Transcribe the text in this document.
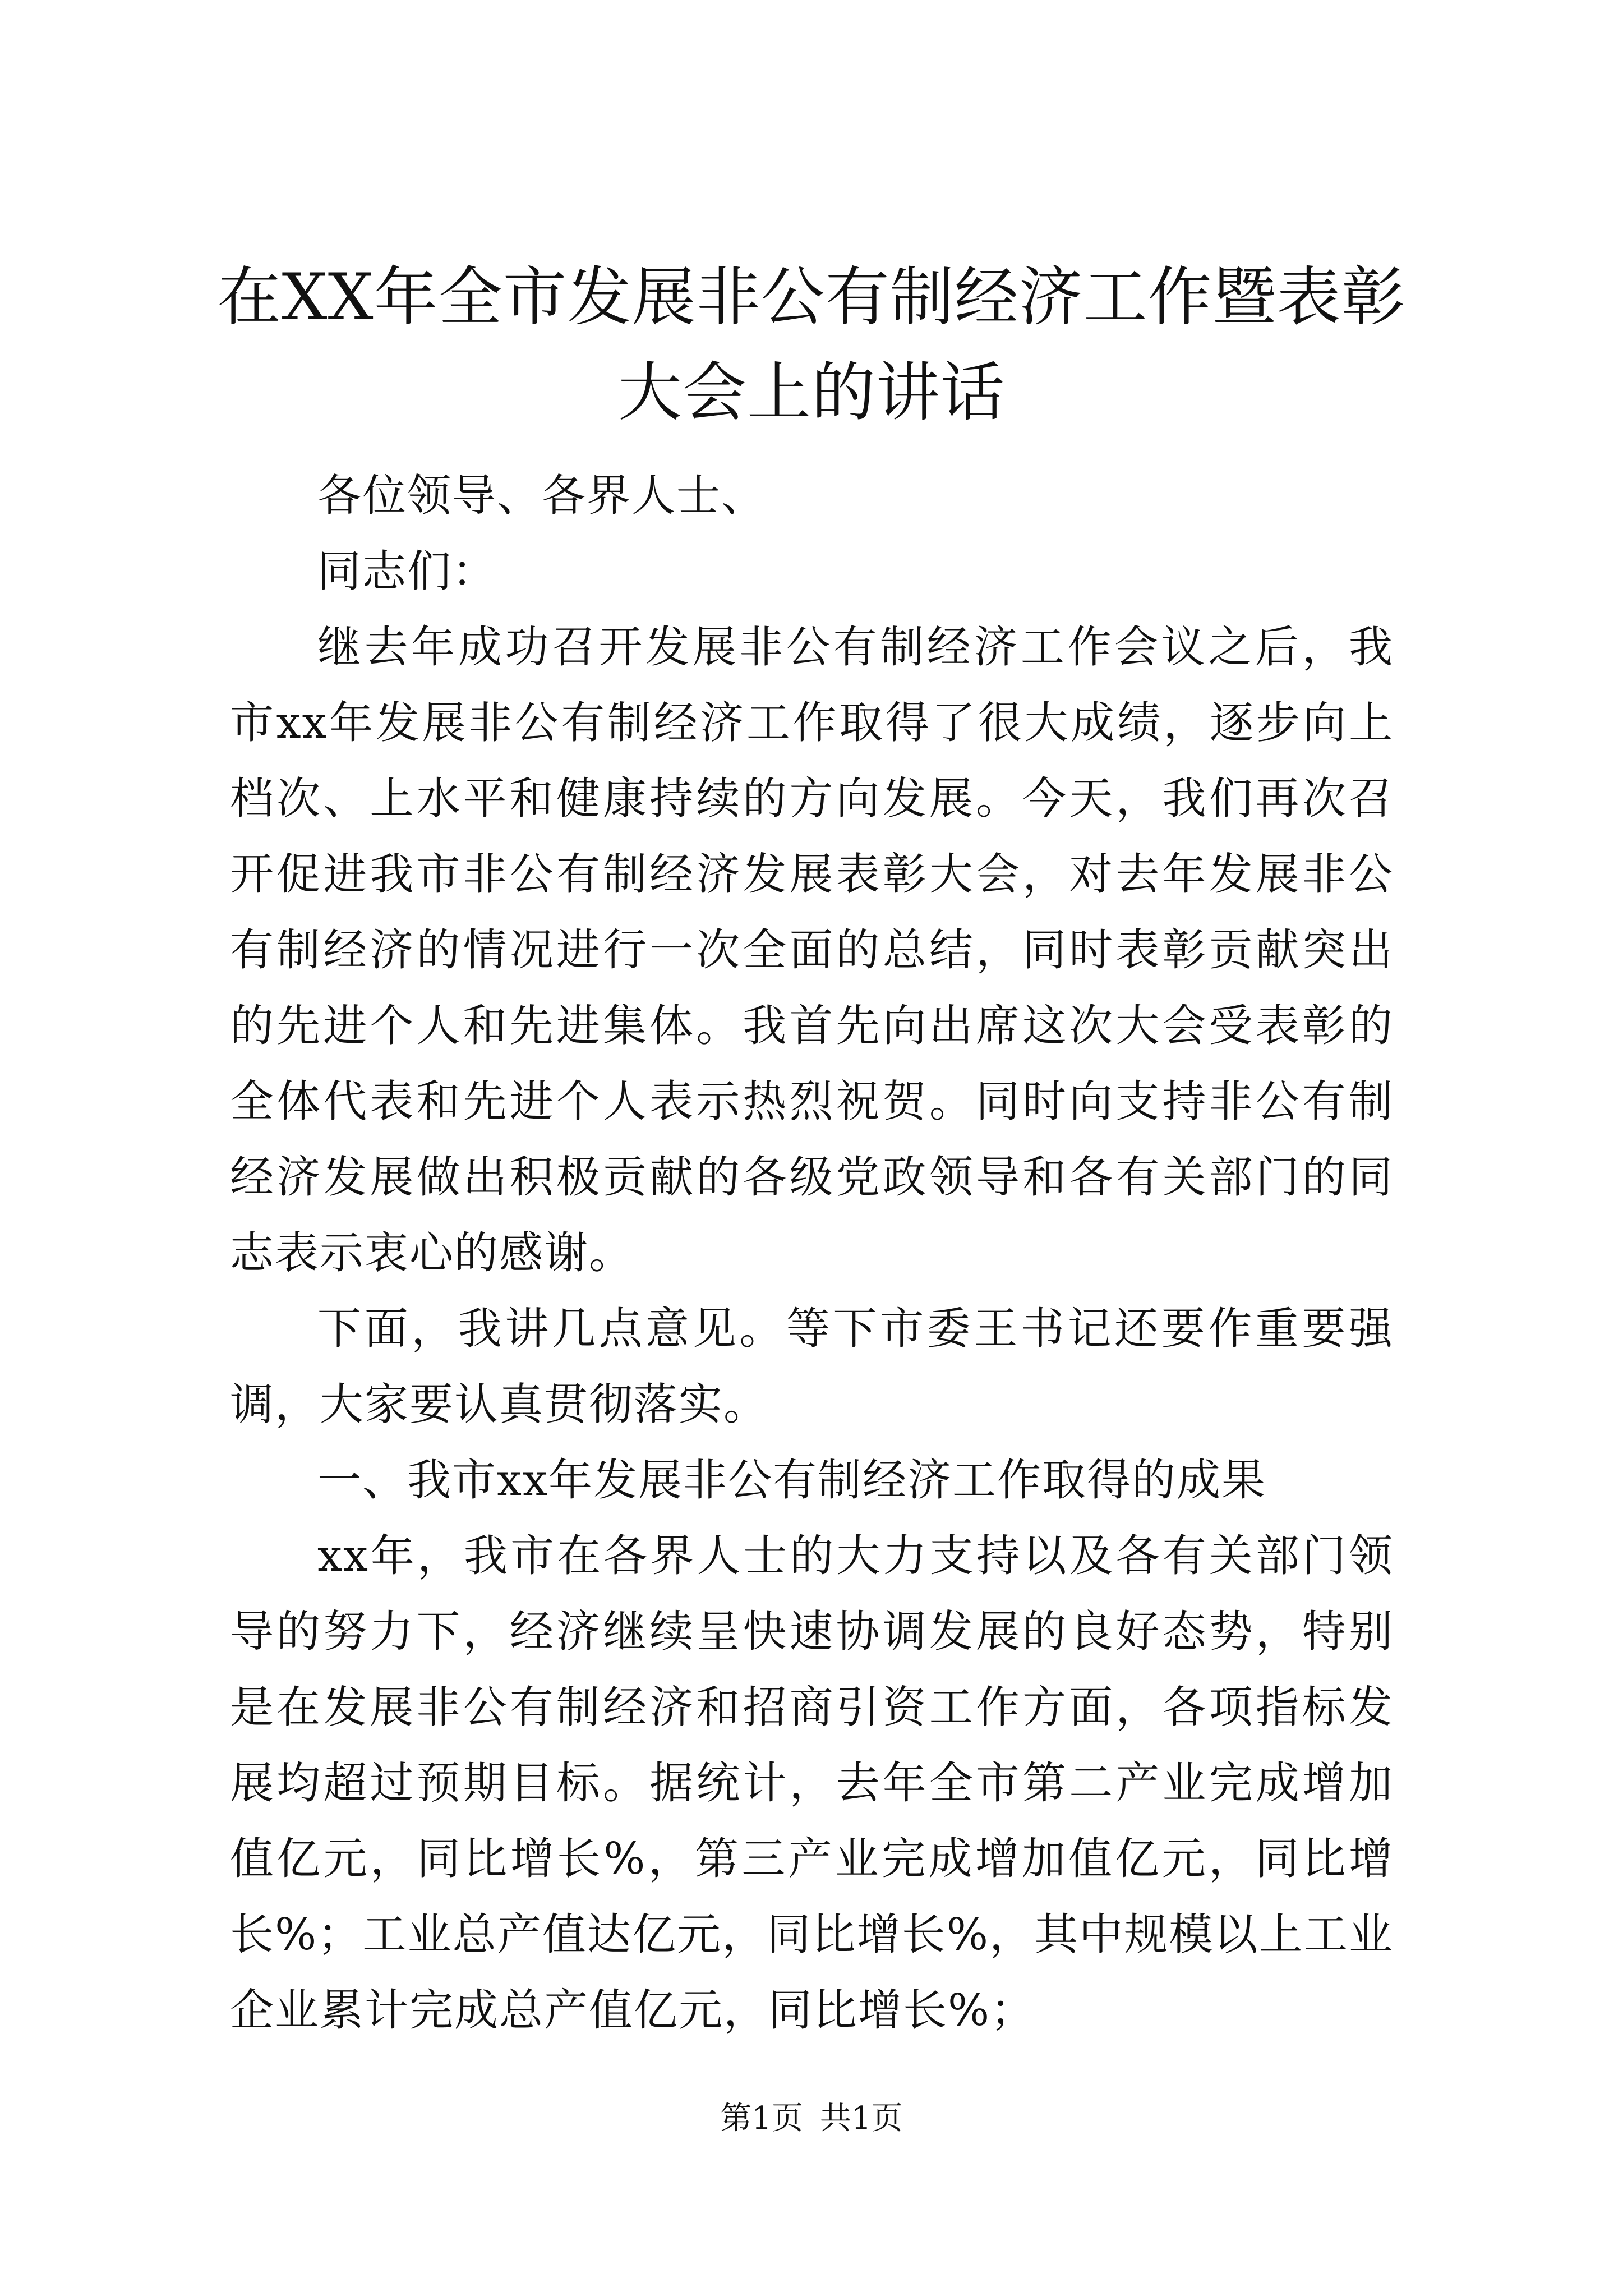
在XX年全市发展非公有制经济工作暨表彰大会上的讲话

各位领导、各界人士、

同志们：

继去年成功召开发展非公有制经济工作会议之后，我市xx年发展非公有制经济工作取得了很大成绩，逐步向上档次、上水平和健康持续的方向发展。今天，我们再次召开促进我市非公有制经济发展表彰大会，对去年发展非公有制经济的情况进行一次全面的总结，同时表彰贡献突出的先进个人和先进集体。我首先向出席这次大会受表彰的全体代表和先进个人表示热烈祝贺。同时向支持非公有制经济发展做出积极贡献的各级党政领导和各有关部门的同志表示衷心的感谢。

下面，我讲几点意见。等下市委王书记还要作重要强调，大家要认真贯彻落实。

一、我市xx年发展非公有制经济工作取得的成果

xx年，我市在各界人士的大力支持以及各有关部门领导的努力下，经济继续呈快速协调发展的良好态势，特别是在发展非公有制经济和招商引资工作方面，各项指标发展均超过预期目标。据统计，去年全市第二产业完成增加值亿元，同比增长%，第三产业完成增加值亿元，同比增长%；工业总产值达亿元，同比增长%，其中规模以上工业企业累计完成总产值亿元，同比增长%；

第1页 共1页
